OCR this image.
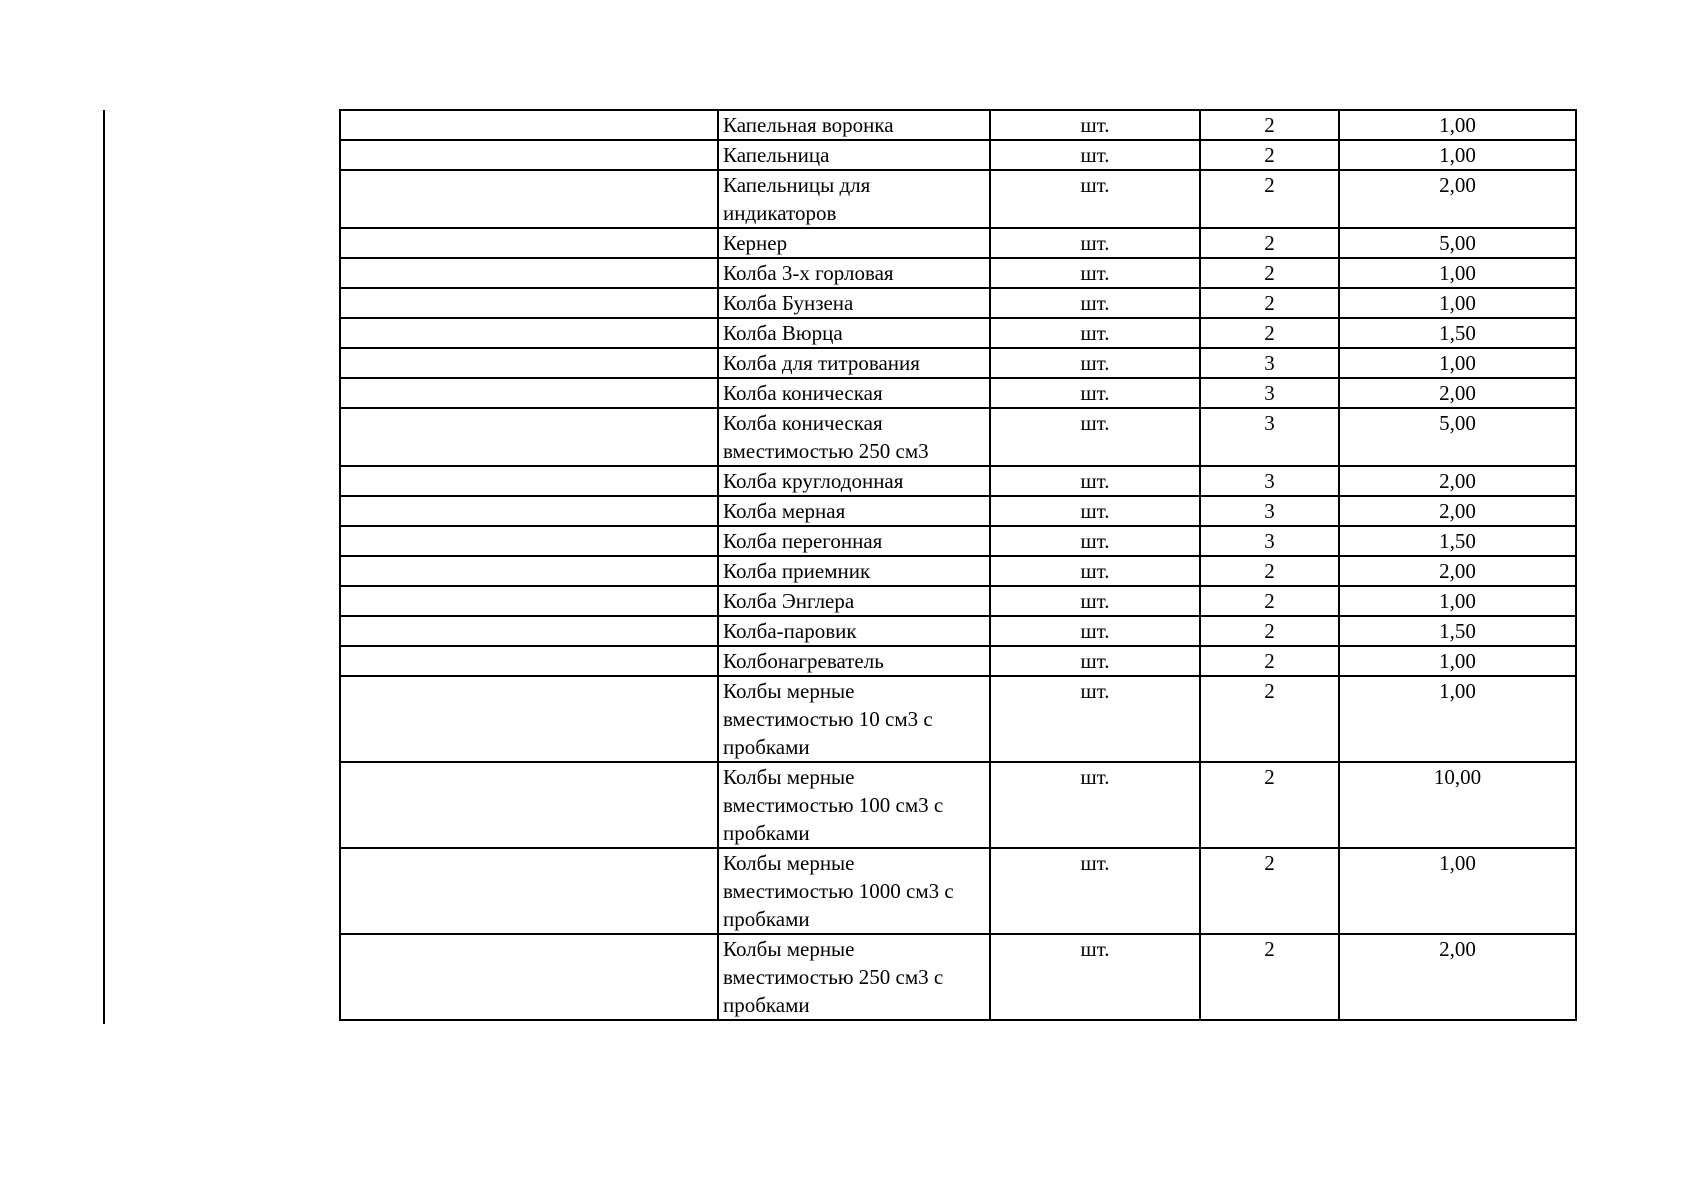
	Капельная воронка	шт.	2	1,00
	Капельница	шт.	2	1,00
	Капельницы для индикаторов	шт.	2	2,00
	Кернер	шт.	2	5,00
	Колба 3-х горловая	шт.	2	1,00
	Колба Бунзена	шт.	2	1,00
	Колба Вюрца	шт.	2	1,50
	Колба для титрования	шт.	3	1,00
	Колба коническая	шт.	3	2,00
	Колба коническая вместимостью 250 см3	шт.	3	5,00
	Колба круглодонная	шт.	3	2,00
	Колба мерная	шт.	3	2,00
	Колба перегонная	шт.	3	1,50
	Колба приемник	шт.	2	2,00
	Колба Энглера	шт.	2	1,00
	Колба-паровик	шт.	2	1,50
	Колбонагреватель	шт.	2	1,00
	Колбы мерные вместимостью 10 см3 с пробками	шт.	2	1,00
	Колбы мерные вместимостью 100 см3 с пробками	шт.	2	10,00
	Колбы мерные вместимостью 1000 см3 с пробками	шт.	2	1,00
	Колбы мерные вместимостью 250 см3 с пробками	шт.	2	2,00
